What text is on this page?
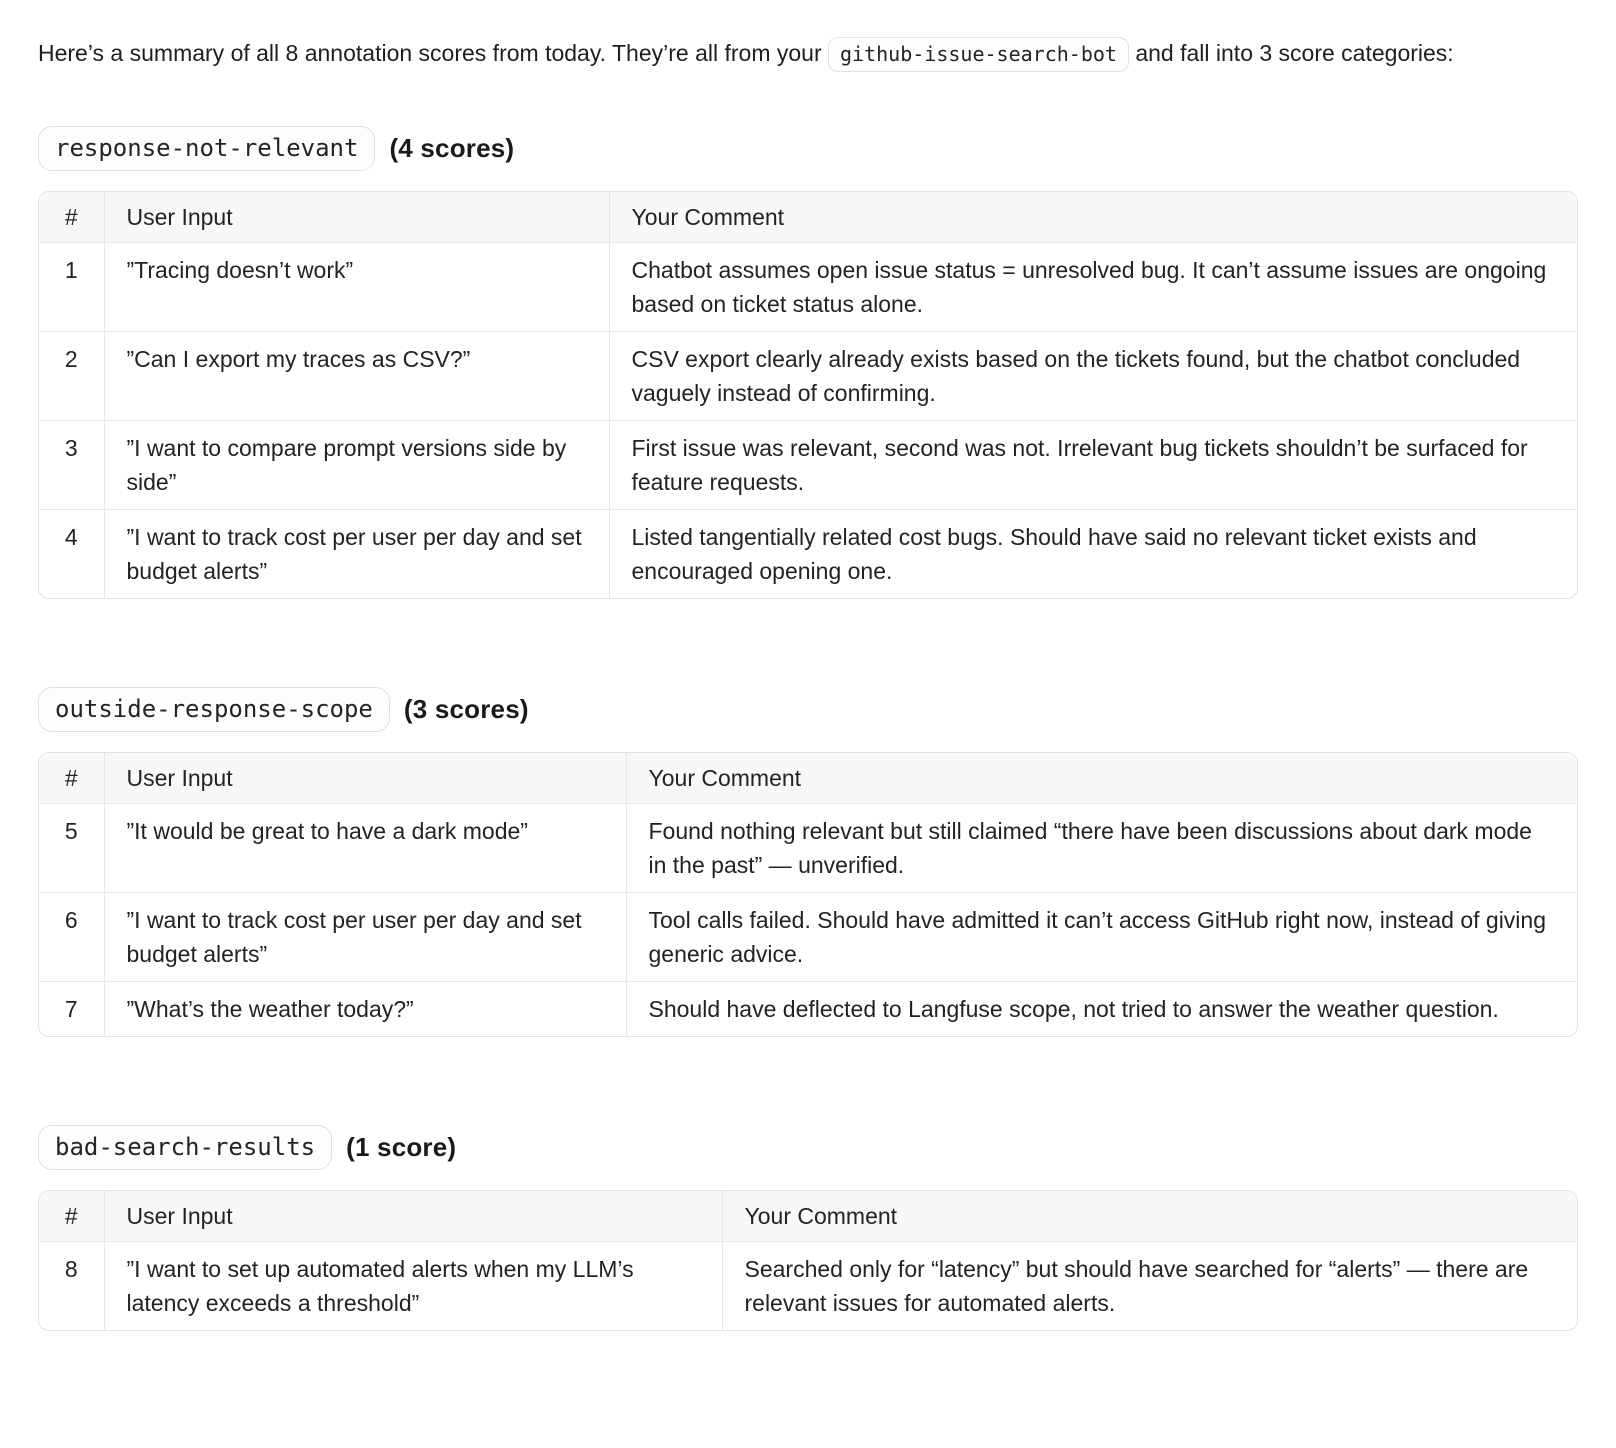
Here’s a summary of all 8 annotation scores from today. They’re all from your github-issue-search-bot and fall into 3 score categories:

response-not-relevant	(4 scores)
#	User Input	Your Comment
1	”Tracing doesn’t work”	Chatbot assumes open issue status = unresolved bug. It can’t assume issues are ongoing based on ticket status alone.
2	”Can I export my traces as CSV?”	CSV export clearly already exists based on the tickets found, but the chatbot concluded vaguely instead of confirming.
3	”I want to compare prompt versions side by side”	First issue was relevant, second was not. Irrelevant bug tickets shouldn’t be surfaced for feature requests.
4	”I want to track cost per user per day and set budget alerts”	Listed tangentially related cost bugs. Should have said no relevant ticket exists and encouraged opening one.
outside-response-scope	(3 scores)
#	User Input	Your Comment
5	”It would be great to have a dark mode”	Found nothing relevant but still claimed “there have been discussions about dark mode in the past” — unverified.
6	”I want to track cost per user per day and set budget alerts”	Tool calls failed. Should have admitted it can’t access GitHub right now, instead of giving generic advice.
7	”What’s the weather today?”	Should have deflected to Langfuse scope, not tried to answer the weather question.
bad-search-results	(1 score)
#	User Input	Your Comment
8	”I want to set up automated alerts when my LLM’s latency exceeds a threshold”	Searched only for “latency” but should have searched for “alerts” — there are relevant issues for automated alerts.
